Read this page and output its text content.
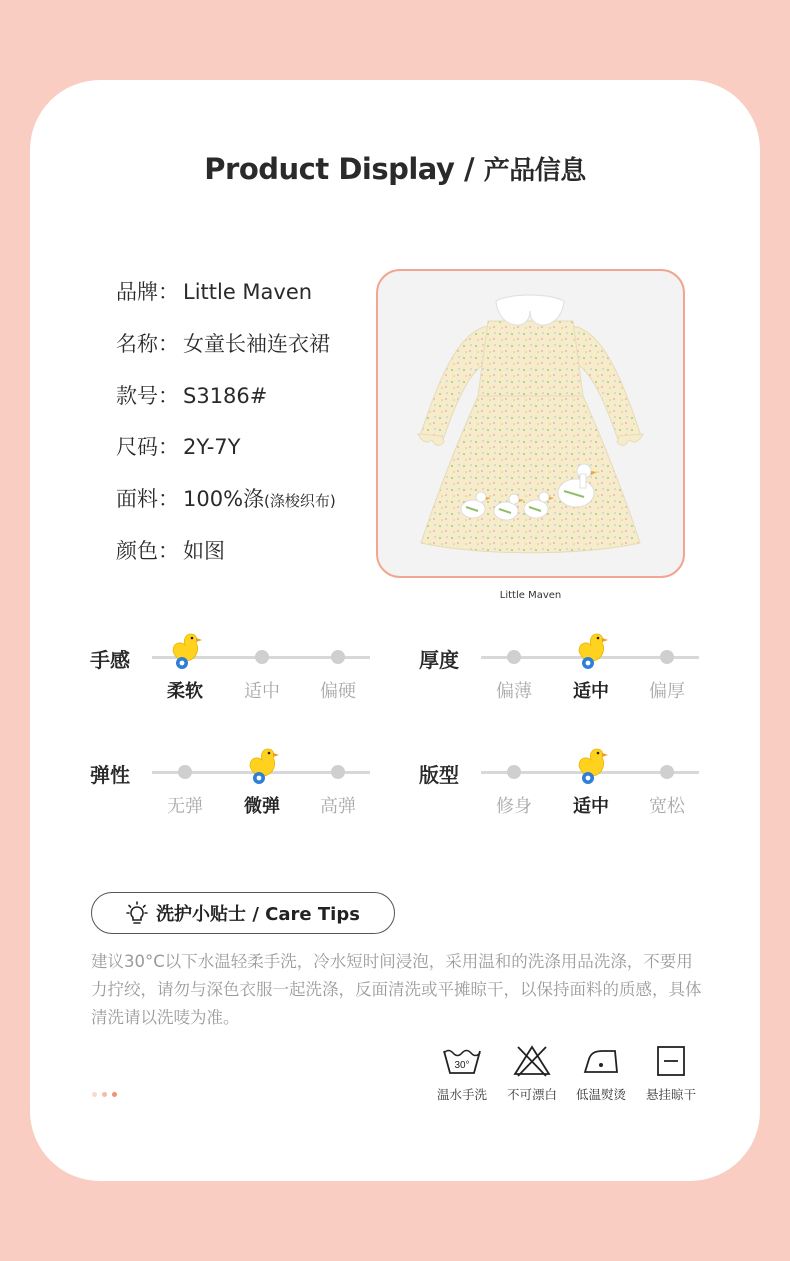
Product Display / 产品信息
品牌： Little Maven
名称： 女童长袖连衣裙
款号： S3186#
尺码： 2Y-7Y
面料： 100%涤(涤梭织布)
颜色： 如图
Little Maven
手感
柔软	适中	偏硬
厚度
偏薄	适中	偏厚
弹性
无弹	微弹	高弹
版型
修身	适中	宽松
洗护小贴士 / Care Tips
建议30°C以下水温轻柔手洗，冷水短时间浸泡，采用温和的洗涤用品洗涤，不要用力拧绞，请勿与深色衣服一起洗涤，反面清洗或平摊晾干，以保持面料的质感，具体清洗请以洗唛为准。
30°
温水手洗	不可漂白	低温熨烫	悬挂晾干
